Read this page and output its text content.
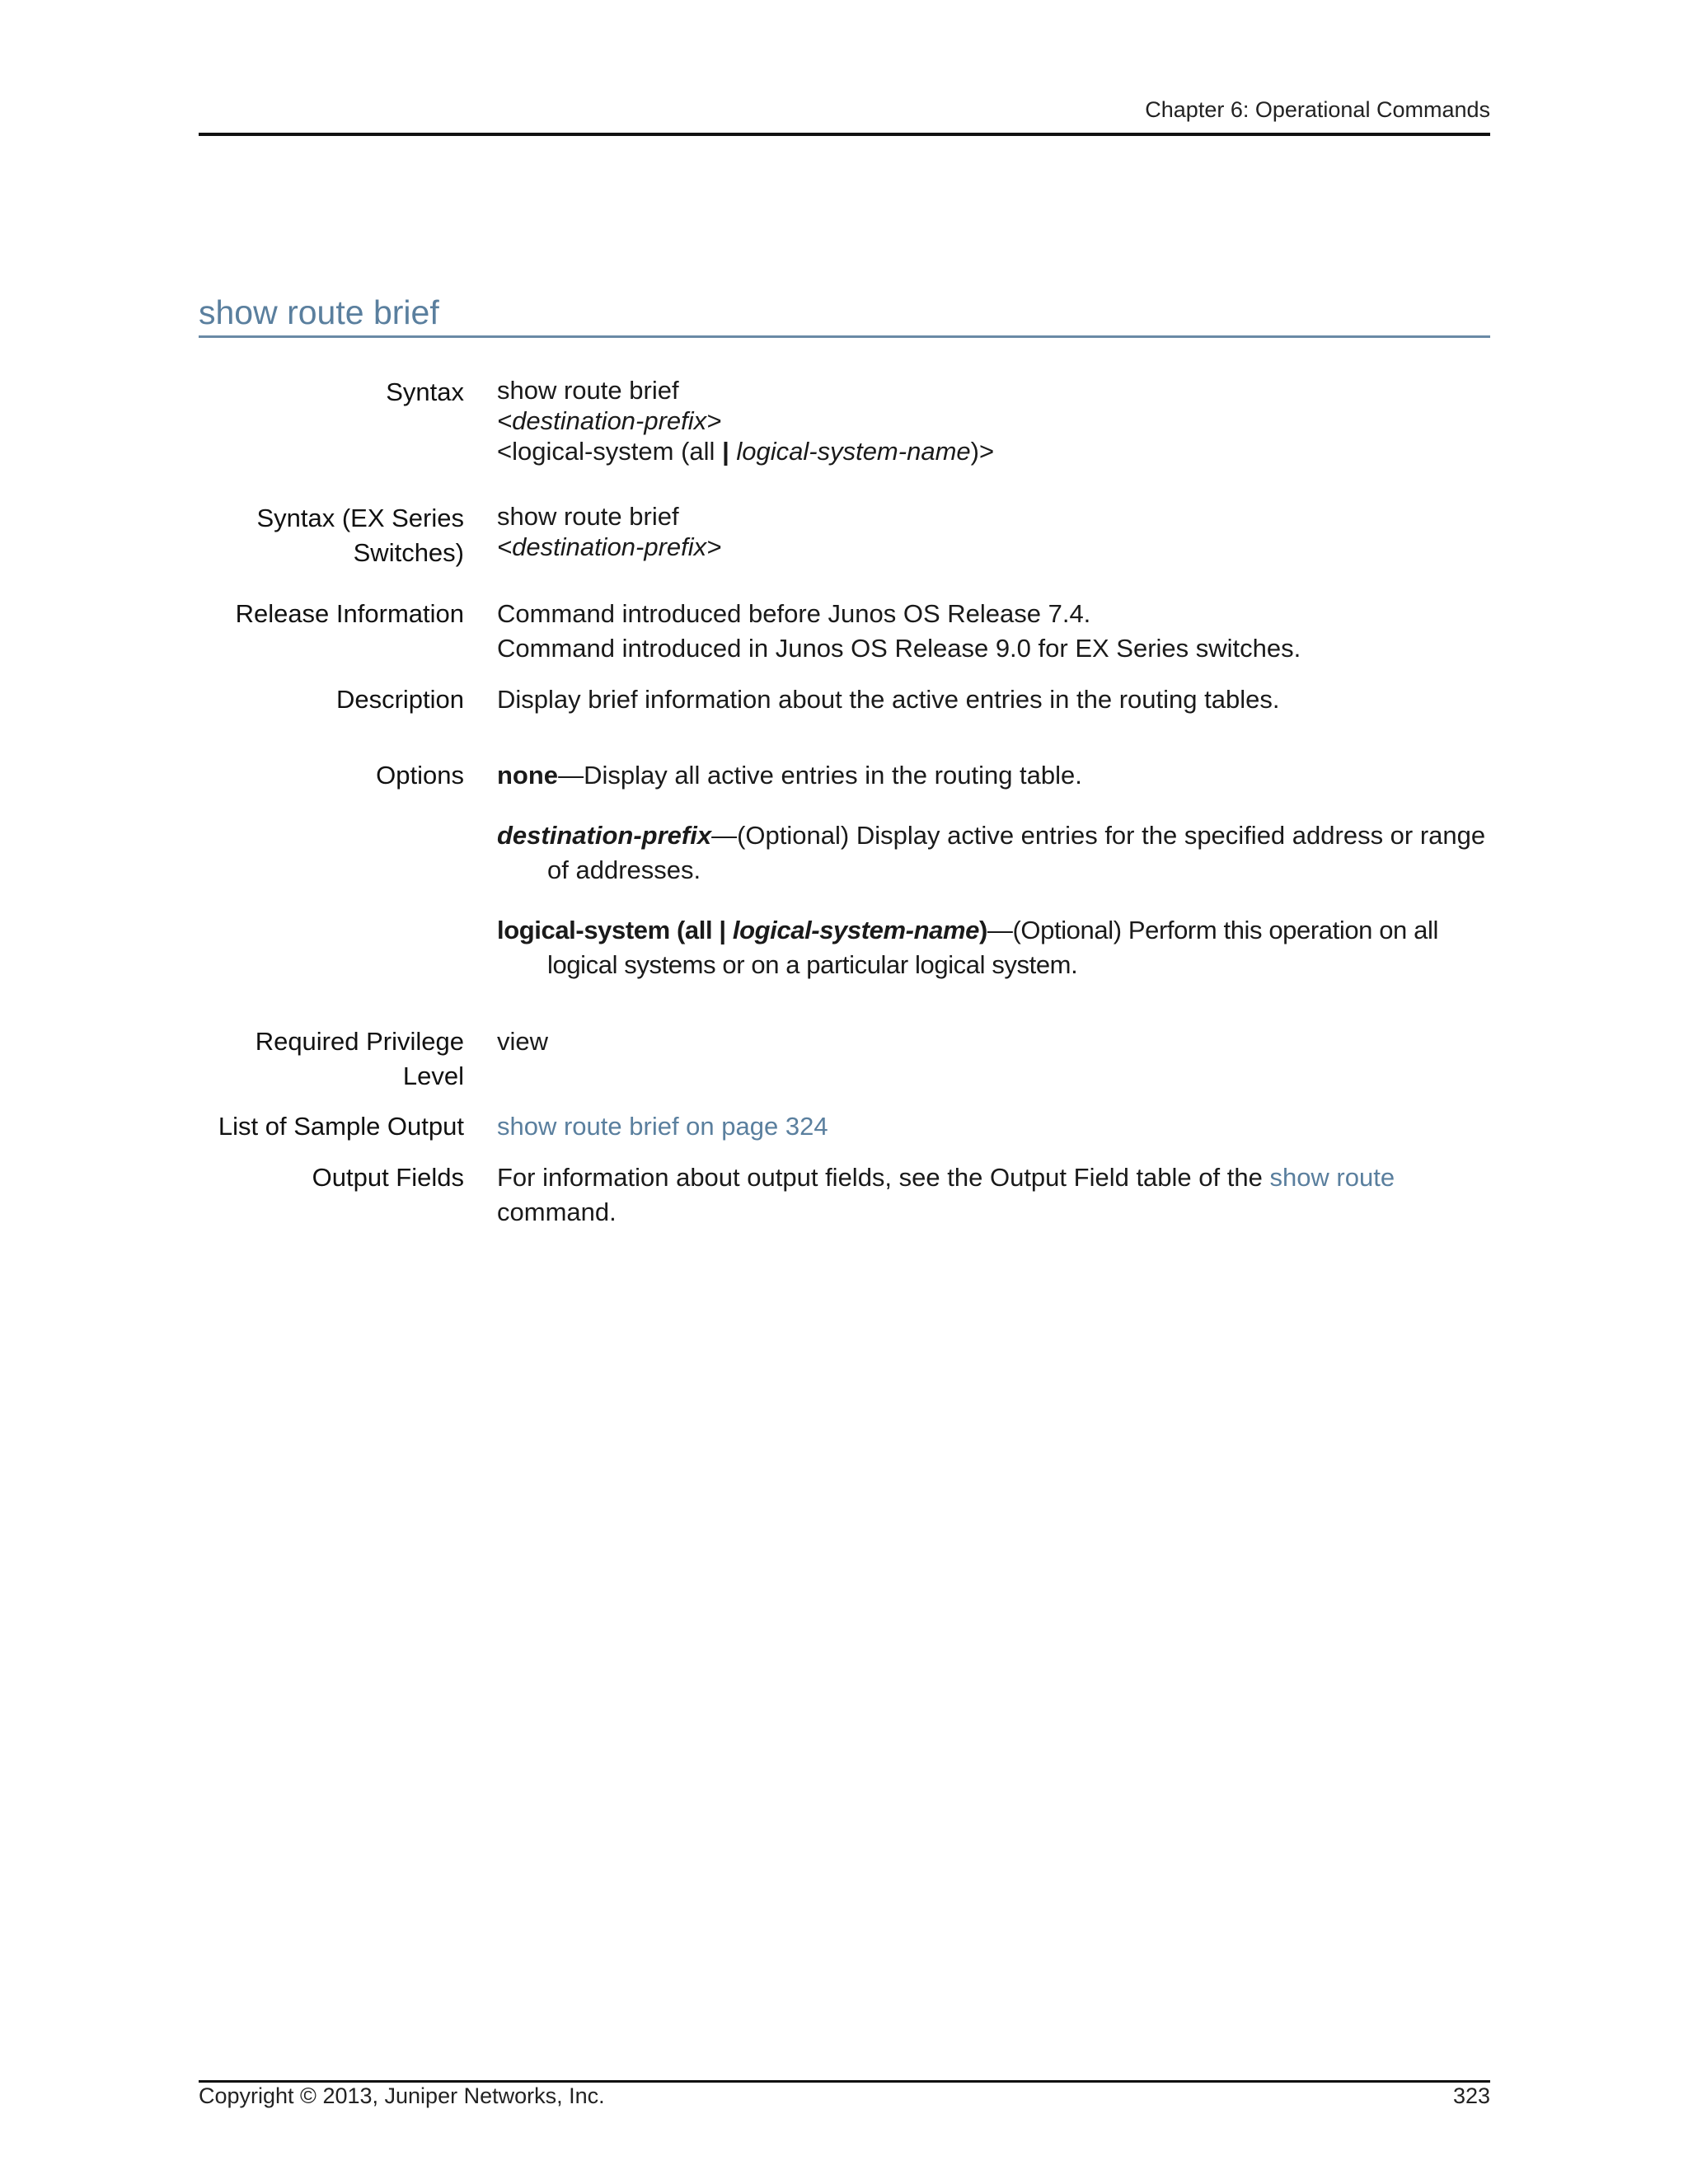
Chapter 6: Operational Commands
show route brief
Syntax show route brief
<destination-prefix>
<logical-system (all | logical-system-name)>
Syntax (EX Series
Switches)
show route brief
<destination-prefix>
Release Information Command introduced before Junos OS Release 7.4.
Command introduced in Junos OS Release 9.0 for EX Series switches.
Description Display brief information about the active entries in the routing tables.
Options none—Display all active entries in the routing table.
destination-prefix—(Optional) Display active entries for the specified address or range of addresses.
logical-system (all | logical-system-name)—(Optional) Perform this operation on all logical systems or on a particular logical system.
Required Privilege
Level
view
List of Sample Output show route brief on page 324
Output Fields For information about output fields, see the Output Field table of the show route
command.
Copyright © 2013, Juniper Networks, Inc.	323
